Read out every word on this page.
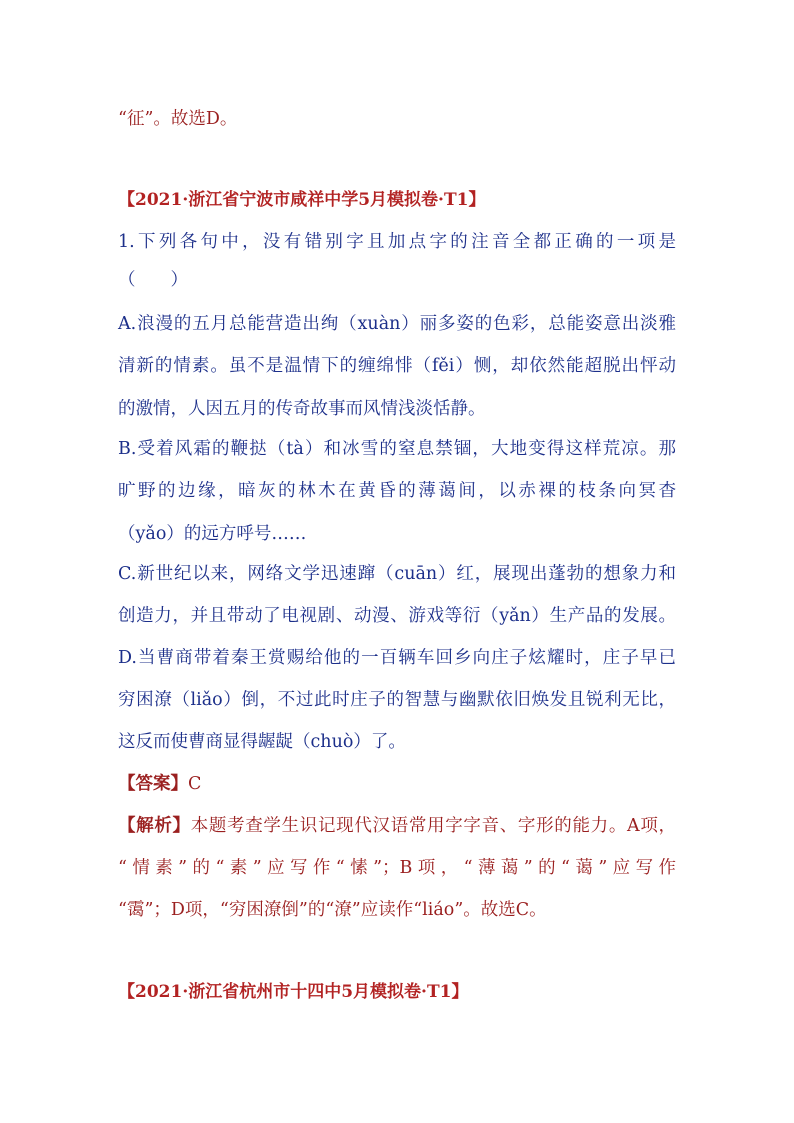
“征”。故选D。
【2021·浙江省宁波市咸祥中学5月模拟卷·T1】
1.下列各句中，没有错别字且加点字的注音全都正确的一项是
（　　）
A.浪漫的五月总能营造出绚（xuàn）丽多姿的色彩，总能姿意出淡雅
清新的情素。虽不是温情下的缠绵悱（fěi）恻，却依然能超脱出怦动
的激情，人因五月的传奇故事而风情浅淡恬静。
B.受着风霜的鞭挞（tà）和冰雪的窒息禁锢，大地变得这样荒凉。那
旷野的边缘，暗灰的林木在黄昏的薄蔼间，以赤裸的枝条向冥杳
（yǎo）的远方呼号……
C.新世纪以来，网络文学迅速蹿（cuān）红，展现出蓬勃的想象力和
创造力，并且带动了电视剧、动漫、游戏等衍（yǎn）生产品的发展。
D.当曹商带着秦王赏赐给他的一百辆车回乡向庄子炫耀时，庄子早已
穷困潦（liǎo）倒，不过此时庄子的智慧与幽默依旧焕发且锐利无比，
这反而使曹商显得龌龊（chuò）了。
【答案】C
【解析】本题考查学生识记现代汉语常用字字音、字形的能力。A项，
“情素”的“素”应写作“愫”；B项，“薄蔼”的“蔼”应写作
“霭”；D项，“穷困潦倒”的“潦”应读作“liáo”。故选C。
【2021·浙江省杭州市十四中5月模拟卷·T1】
